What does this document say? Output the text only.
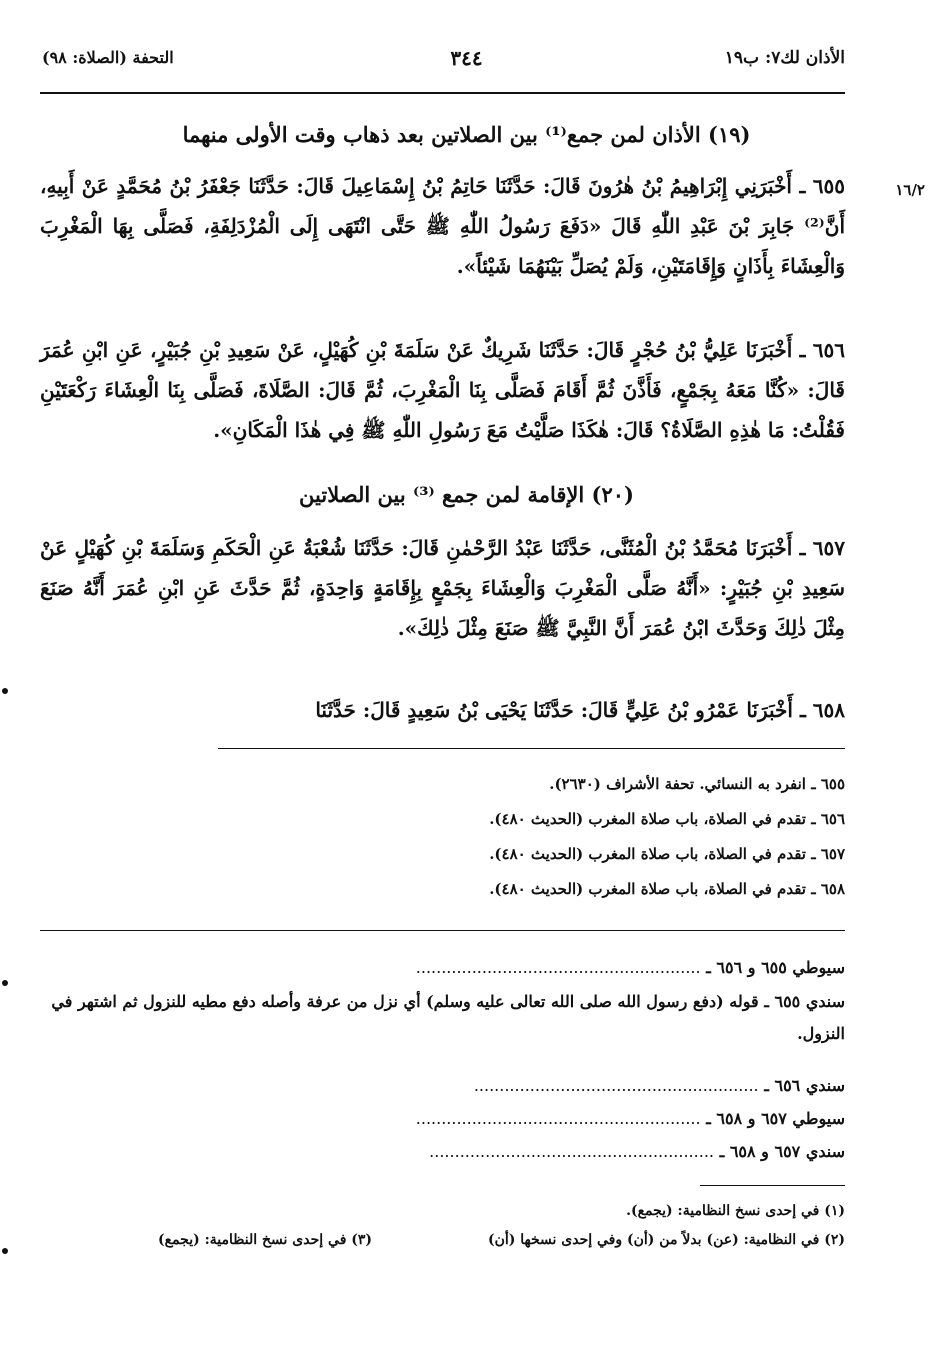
الأذان لك٧: ب١٩
٣٤٤
التحفة (الصلاة: ٩٨)
١٦/٢
(١٩) الأذان لمن جمع⁽¹⁾ بين الصلاتين بعد ذهاب وقت الأولى منهما

٦٥٥ ـ أَخْبَرَنِي إِبْرَاهِيمُ بْنُ هٰرُونَ قَالَ: حَدَّثَنَا حَاتِمُ بْنُ إِسْمَاعِيلَ قَالَ: حَدَّثَنَا جَعْفَرُ بْنُ مُحَمَّدٍ عَنْ أَبِيهِ، أَنَّ⁽²⁾ جَابِرَ بْنَ عَبْدِ اللّٰهِ قَالَ «دَفَعَ رَسُولُ اللّٰهِ ﷺ حَتَّى انْتَهَى إِلَى الْمُزْدَلِفَةِ، فَصَلَّى بِهَا الْمَغْرِبَ وَالْعِشَاءَ بِأَذَانٍ وَإِقَامَتَيْنِ، وَلَمْ يُصَلِّ بَيْنَهُمَا شَيْئاً».

٦٥٦ ـ أَخْبَرَنَا عَلِيُّ بْنُ حُجْرٍ قَالَ: حَدَّثَنَا شَرِيكٌ عَنْ سَلَمَةَ بْنِ كُهَيْلٍ، عَنْ سَعِيدِ بْنِ جُبَيْرٍ، عَنِ ابْنِ عُمَرَ قَالَ: «كُنَّا مَعَهُ بِجَمْعٍ، فَأَذَّنَ ثُمَّ أَقَامَ فَصَلَّى بِنَا الْمَغْرِبَ، ثُمَّ قَالَ: الصَّلَاةَ، فَصَلَّى بِنَا الْعِشَاءَ رَكْعَتَيْنِ فَقُلْتُ: مَا هٰذِهِ الصَّلَاةُ؟ قَالَ: هٰكَذَا صَلَّيْتُ مَعَ رَسُولِ اللّٰهِ ﷺ فِي هٰذَا الْمَكَانِ».

(٢٠) الإقامة لمن جمع ⁽³⁾ بين الصلاتين

٦٥٧ ـ أَخْبَرَنَا مُحَمَّدُ بْنُ الْمُثَنَّى، حَدَّثَنَا عَبْدُ الرَّحْمٰنِ قَالَ: حَدَّثَنَا شُعْبَةُ عَنِ الْحَكَمِ وَسَلَمَةَ بْنِ كُهَيْلٍ عَنْ سَعِيدِ بْنِ جُبَيْرٍ: «أَنَّهُ صَلَّى الْمَغْرِبَ وَالْعِشَاءَ بِجَمْعٍ بِإِقَامَةٍ وَاحِدَةٍ، ثُمَّ حَدَّثَ عَنِ ابْنِ عُمَرَ أَنَّهُ صَنَعَ مِثْلَ ذٰلِكَ وَحَدَّثَ ابْنُ عُمَرَ أَنَّ النَّبِيَّ ﷺ صَنَعَ مِثْلَ ذٰلِكَ».

٦٥٨ ـ أَخْبَرَنَا عَمْرُو بْنُ عَلِيٍّ قَالَ: حَدَّثَنَا يَحْيَى بْنُ سَعِيدٍ قَالَ: حَدَّثَنَا

٦٥٥ ـ انفرد به النسائي. تحفة الأشراف (٢٦٣٠).
٦٥٦ ـ تقدم في الصلاة، باب صلاة المغرب (الحديث ٤٨٠).
٦٥٧ ـ تقدم في الصلاة، باب صلاة المغرب (الحديث ٤٨٠).
٦٥٨ ـ تقدم في الصلاة، باب صلاة المغرب (الحديث ٤٨٠).
سيوطي ٦٥٥ و ٦٥٦ ـ ........................................................
سندي ٦٥٥ ـ قوله (دفع رسول الله صلى الله تعالى عليه وسلم) أي نزل من عرفة وأصله دفع مطيه للنزول ثم اشتهر في النزول.
سندي ٦٥٦ ـ ........................................................
سيوطي ٦٥٧ و ٦٥٨ ـ ........................................................
سندي ٦٥٧ و ٦٥٨ ـ ........................................................
(١) في إحدى نسخ النظامية: (يجمع).
(٢) في النظامية: (عن) بدلاً من (أن) وفي إحدى نسخها (أن)
(٣) في إحدى نسخ النظامية: (يجمع)
